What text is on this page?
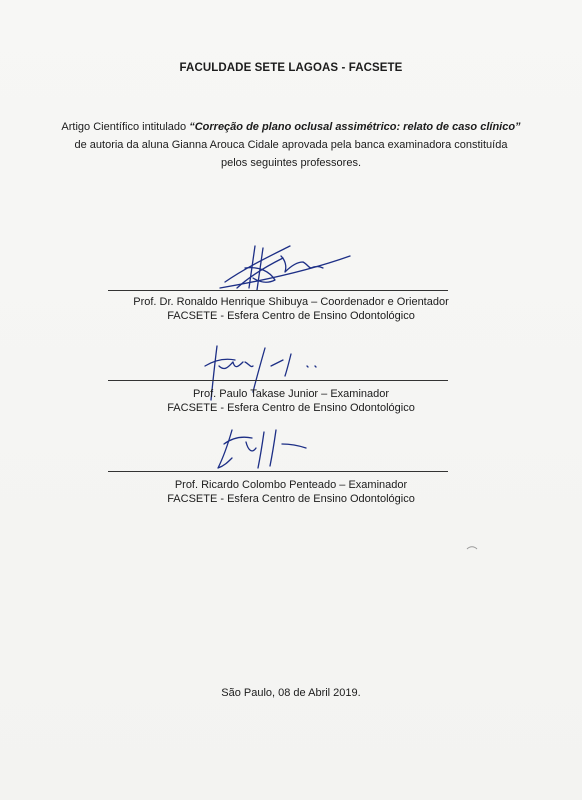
FACULDADE SETE LAGOAS - FACSETE
Artigo Científico intitulado “Correção de plano oclusal assimétrico: relato de caso clínico” de autoria da aluna Gianna Arouca Cidale aprovada pela banca examinadora constituída pelos seguintes professores.
Prof. Dr. Ronaldo Henrique Shibuya – Coordenador e Orientador
FACSETE - Esfera Centro de Ensino Odontológico
Prof. Paulo Takase Junior – Examinador
FACSETE - Esfera Centro de Ensino Odontológico
Prof. Ricardo Colombo Penteado – Examinador
FACSETE - Esfera Centro de Ensino Odontológico
São Paulo, 08 de Abril 2019.
